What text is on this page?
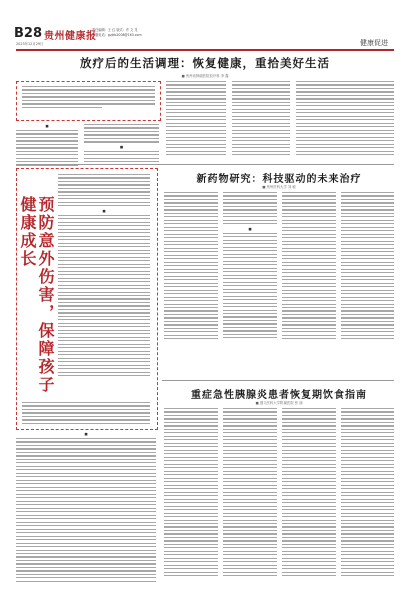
B28 贵州健康报
责任编辑：王 红 版式：许 文 龙
本版电话：gzjkb2008@163.com
2023年12月29日	健康促进
放疗后的生活调理：恢复健康，重拾美好生活
■ 贵州省肿瘤医院放疗科 李 鑫
■
■
预防意外伤害，保障孩子健康成长	■
■
新药物研究：科技驱动的未来治疗
■ 贵州医科大学 刘 敏
■
重症急性胰腺炎患者恢复期饮食指南
■ 遵义医科大学附属医院 张 丽
